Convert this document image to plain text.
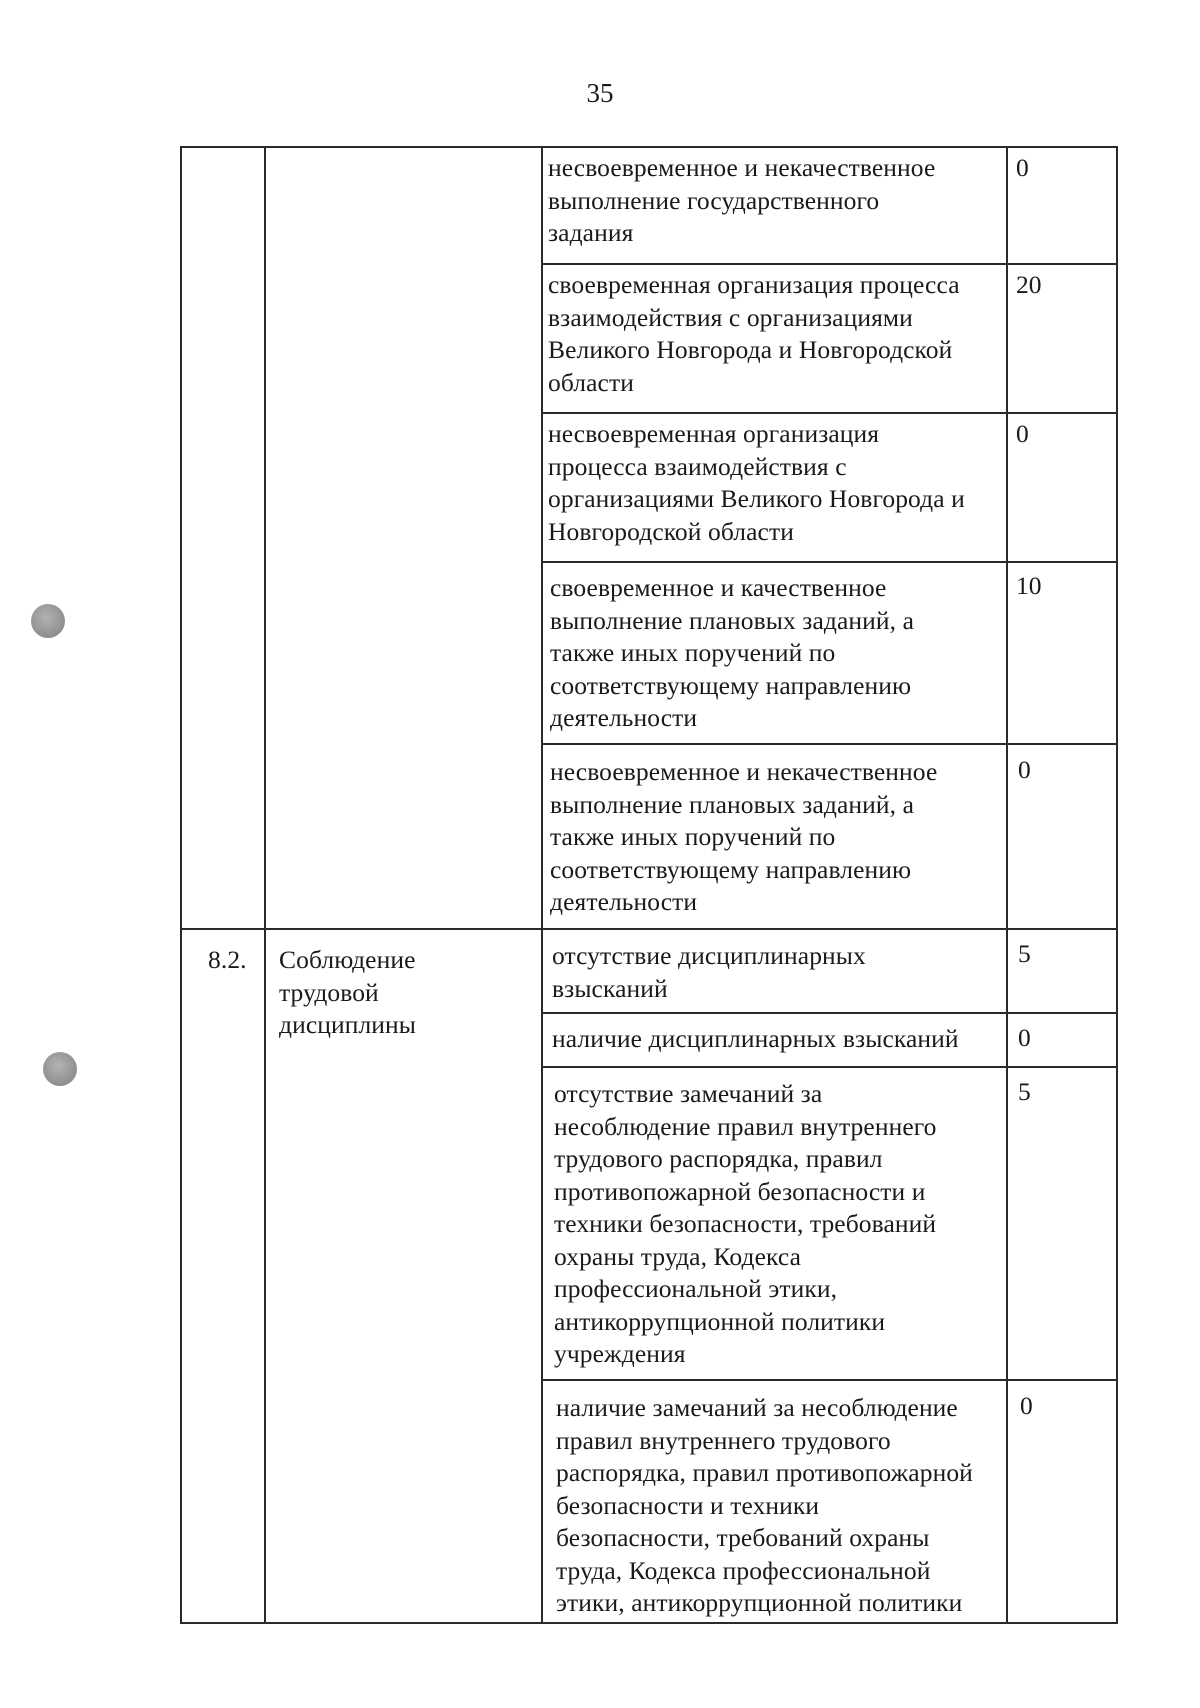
35
несвоевременное и некачественное
выполнение государственного
задания
0
своевременная организация процесса
взаимодействия с организациями
Великого Новгорода и Новгородской
области
20
несвоевременная организация
процесса взаимодействия с
организациями Великого Новгорода и
Новгородской области
0
своевременное и качественное
выполнение плановых заданий, а
также иных поручений по
соответствующему направлению
деятельности
10
несвоевременное и некачественное
выполнение плановых заданий, а
также иных поручений по
соответствующему направлению
деятельности
0
8.2. Соблюдение
трудовой
дисциплины
отсутствие дисциплинарных
взысканий
5
наличие дисциплинарных взысканий	0
отсутствие замечаний за
несоблюдение правил внутреннего
трудового распорядка, правил
противопожарной безопасности и
техники безопасности, требований
охраны труда, Кодекса
профессиональной этики,
антикоррупционной политики
учреждения
5
наличие замечаний за несоблюдение
правил внутреннего трудового
распорядка, правил противопожарной
безопасности и техники
безопасности, требований охраны
труда, Кодекса профессиональной
этики, антикоррупционной политики
0
